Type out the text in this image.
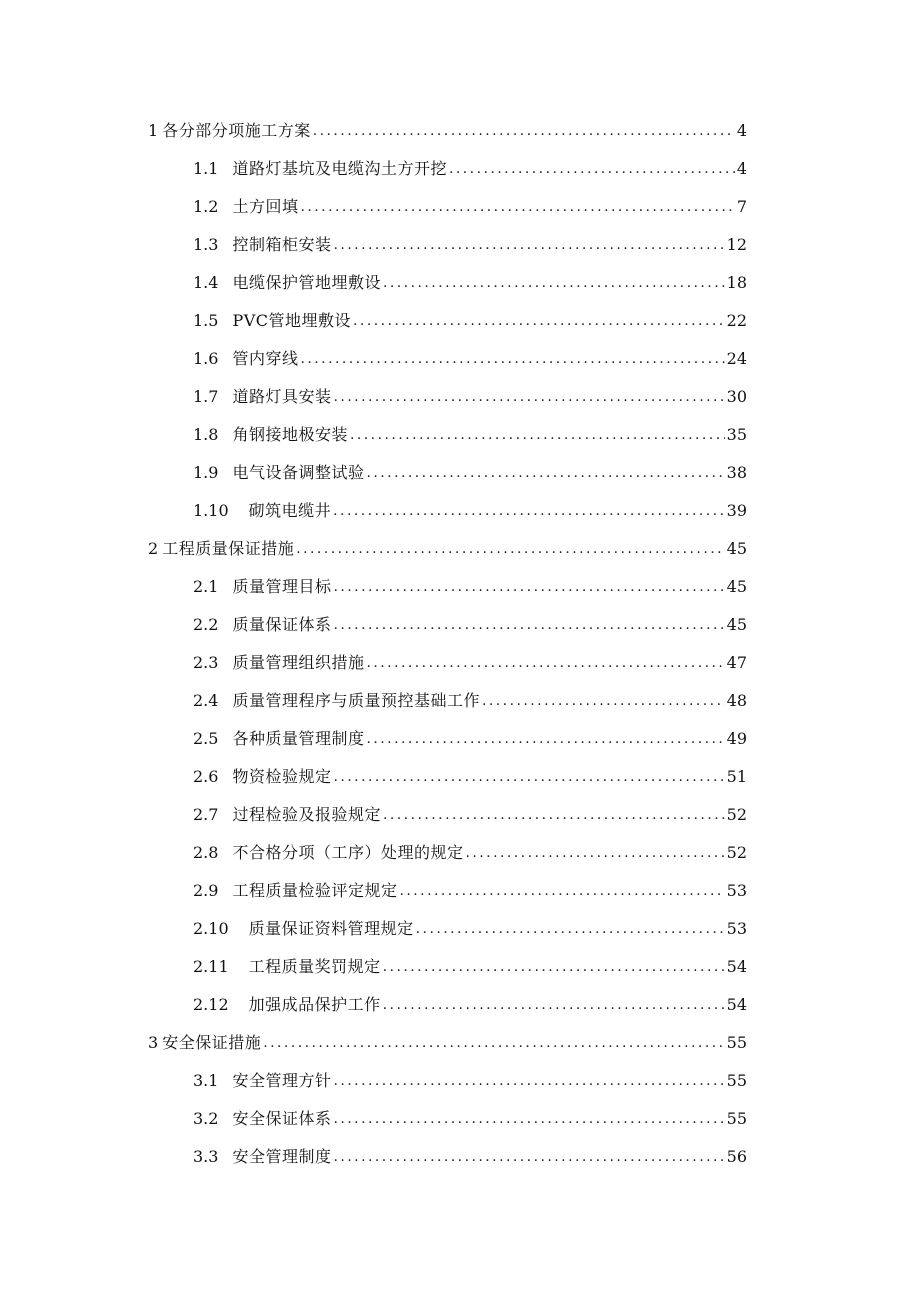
1 各分部分项施工方案 . . .	4
1.1 道路灯基坑及电缆沟土方开挖 . . .	4
1.2 土方回填 . . .	7
1.3 控制箱柜安装 . . .	12
1.4 电缆保护管地埋敷设 . . .	18
1.5 PVC管地埋敷设 . . .	22
1.6 管内穿线 . . .	24
1.7 道路灯具安装 . . .	30
1.8 角钢接地极安装 . . .	35
1.9 电气设备调整试验 . . .	38
1.10 砌筑电缆井 . . .	39
2 工程质量保证措施 . . .	45
2.1 质量管理目标 . . .	45
2.2 质量保证体系 . . .	45
2.3 质量管理组织措施 . . .	47
2.4 质量管理程序与质量预控基础工作 . . .	48
2.5 各种质量管理制度 . . .	49
2.6 物资检验规定 . . .	51
2.7 过程检验及报验规定 . . .	52
2.8 不合格分项（工序）处理的规定 . . .	52
2.9 工程质量检验评定规定 . . .	53
2.10 质量保证资料管理规定 . . .	53
2.11 工程质量奖罚规定 . . .	54
2.12 加强成品保护工作 . . .	54
3 安全保证措施 . . .	55
3.1 安全管理方针 . . .	55
3.2 安全保证体系 . . .	55
3.3 安全管理制度 . . .	56
